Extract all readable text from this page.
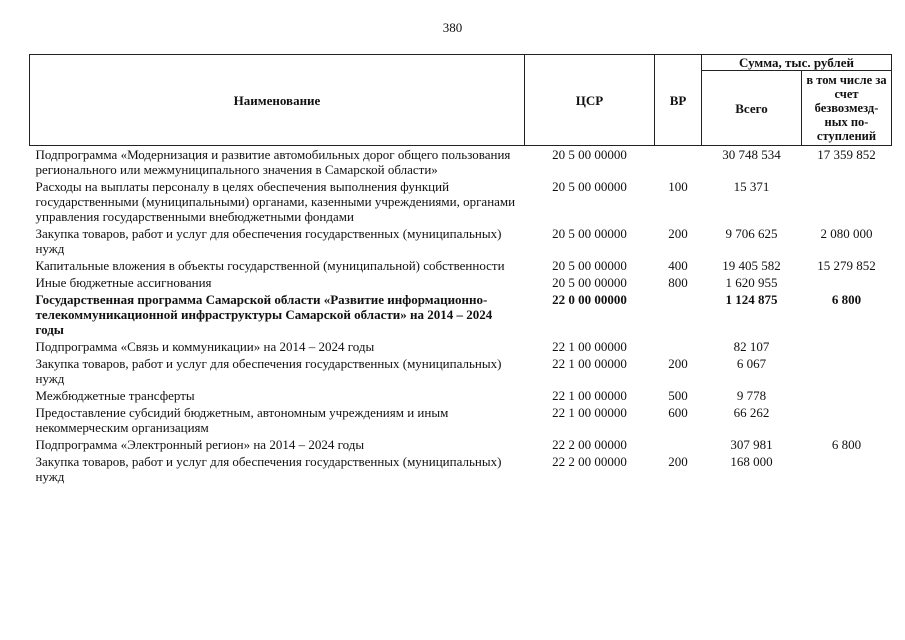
380
Наименование	ЦСР	ВР	Сумма, тыс. рублей	
			Всего	в том числе за счет безвозмезд-ных по-ступлений
Подпрограмма «Модернизация и развитие автомобильных дорог общего пользования регионального или межмуниципального значения в Самарской области»	20 5 00 00000		30 748 534	17 359 852
Расходы на выплаты персоналу в целях обеспечения выполнения функций государственными (муниципальными) органами, казенными учреждениями, органами управления государственными внебюджетными фондами	20 5 00 00000	100	15 371	
Закупка товаров, работ и услуг для обеспечения государственных (муниципальных) нужд	20 5 00 00000	200	9 706 625	2 080 000
Капитальные вложения в объекты государственной (муниципальной) собственности	20 5 00 00000	400	19 405 582	15 279 852
Иные бюджетные ассигнования	20 5 00 00000	800	1 620 955	
Государственная программа Самарской области «Развитие информационно-телекоммуникационной инфраструктуры Самарской области» на 2014 – 2024 годы	22 0 00 00000		1 124 875	6 800
Подпрограмма «Связь и коммуникации» на 2014 – 2024 годы	22 1 00 00000		82 107	
Закупка товаров, работ и услуг для обеспечения государственных (муниципальных) нужд	22 1 00 00000	200	6 067	
Межбюджетные трансферты	22 1 00 00000	500	9 778	
Предоставление субсидий бюджетным, автономным учреждениям и иным некоммерческим организациям	22 1 00 00000	600	66 262	
Подпрограмма «Электронный регион» на 2014 – 2024 годы	22 2 00 00000		307 981	6 800
Закупка товаров, работ и услуг для обеспечения государственных (муниципальных) нужд	22 2 00 00000	200	168 000	
